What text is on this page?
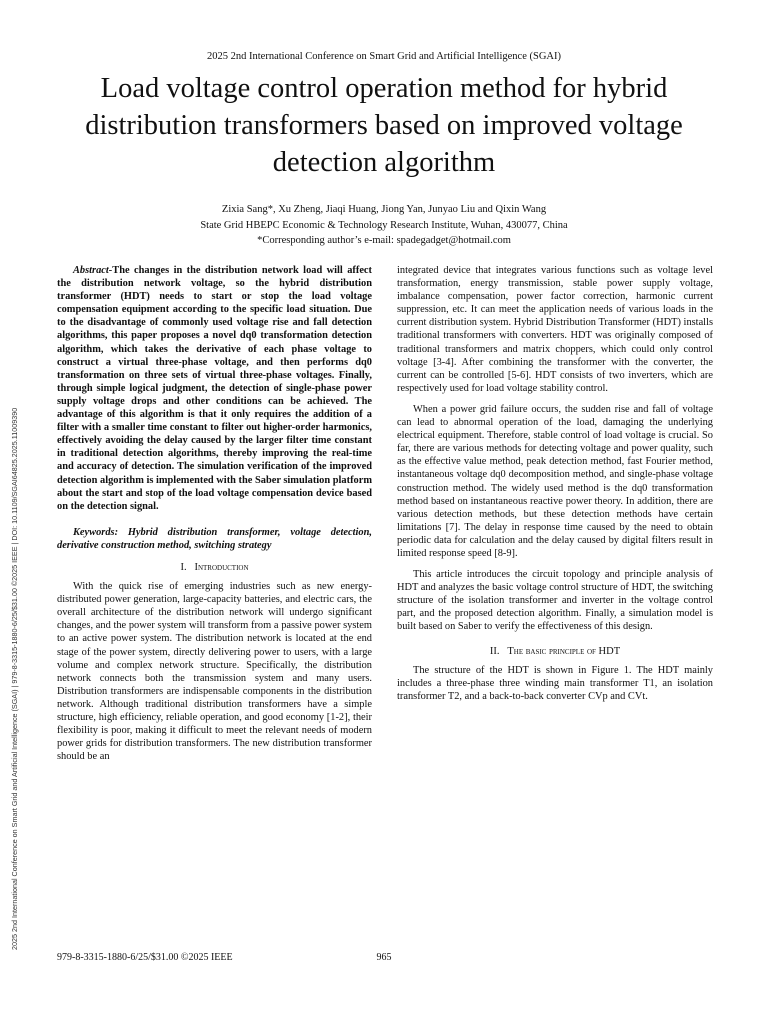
2025 2nd International Conference on Smart Grid and Artificial Intelligence (SGAI)
Load voltage control operation method for hybrid distribution transformers based on improved voltage detection algorithm
Zixia Sang*, Xu Zheng, Jiaqi Huang, Jiong Yan, Junyao Liu and Qixin Wang
State Grid HBEPC Economic & Technology Research Institute, Wuhan, 430077, China
*Corresponding author’s e-mail: spadegadget@hotmail.com
2025 2nd International Conference on Smart Grid and Artificial Intelligence (SGAI) | 979-8-3315-1880-6/25/$31.00 ©2025 IEEE | DOI: 10.1109/SGAI64825.2025.11009390

Abstract-The changes in the distribution network load will affect the distribution network voltage, so the hybrid distribution transformer (HDT) needs to start or stop the load voltage compensation equipment according to the specific load situation. Due to the disadvantage of commonly used voltage rise and fall detection algorithms, this paper proposes a novel dq0 transformation detection algorithm, which takes the derivative of each phase voltage to construct a virtual three-phase voltage, and then performs dq0 transformation on three sets of virtual three-phase voltages. Finally, through simple logical judgment, the detection of single-phase power supply voltage drops and other conditions can be achieved. The advantage of this algorithm is that it only requires the addition of a filter with a smaller time constant to filter out higher-order harmonics, effectively avoiding the delay caused by the larger filter time constant in traditional detection algorithms, thereby improving the real-time and accuracy of detection. The simulation verification of the improved detection algorithm is implemented with the Saber simulation platform about the start and stop of the load voltage compensation device based on the detection signal.

Keywords: Hybrid distribution transformer, voltage detection, derivative construction method, switching strategy

I. Introduction

With the quick rise of emerging industries such as new energy-distributed power generation, large-capacity batteries, and electric cars, the overall architecture of the distribution network will undergo significant changes, and the power system will transform from a passive power system to an active power system. The distribution network is located at the end stage of the power system, directly delivering power to users, with a large volume and complex network structure. Specifically, the distribution network connects both the transmission system and many users. Distribution transformers are indispensable components in the distribution network. Although traditional distribution transformers have a simple structure, high efficiency, reliable operation, and good economy [1-2], their flexibility is poor, making it difficult to meet the relevant needs of modern power grids for distribution transformers. The new distribution transformer should be an

integrated device that integrates various functions such as voltage level transformation, energy transmission, stable power supply voltage, imbalance compensation, power factor correction, harmonic current suppression, etc. It can meet the application needs of various loads in the current distribution system. Hybrid Distribution Transformer (HDT) installs traditional transformers with converters. HDT was originally composed of traditional transformers and matrix choppers, which could only control voltage [3-4]. After combining the transformer with the converter, the current can be controlled [5-6]. HDT consists of two inverters, which are respectively used for load voltage stability control.

When a power grid failure occurs, the sudden rise and fall of voltage can lead to abnormal operation of the load, damaging the underlying electrical equipment. Therefore, stable control of load voltage is crucial. So far, there are various methods for detecting voltage and power quality, such as the effective value method, peak detection method, fast Fourier method, instantaneous voltage dq0 decomposition method, and single-phase voltage construction method. The widely used method is the dq0 transformation method based on instantaneous reactive power theory. In addition, there are various detection methods, but these detection methods have certain limitations [7]. The delay in response time caused by the need to obtain periodic data for calculation and the delay caused by digital filters result in limited response speed [8-9].

This article introduces the circuit topology and principle analysis of HDT and analyzes the basic voltage control structure of HDT, the switching structure of the isolation transformer and inverter in the voltage control part, and the proposed detection algorithm. Finally, a simulation model is built based on Saber to verify the effectiveness of this design.

II. The basic principle of HDT

The structure of the HDT is shown in Figure 1. The HDT mainly includes a three-phase three winding main transformer T1, an isolation transformer T2, and a back-to-back converter CVp and CVt.

979-8-3315-1880-6/25/$31.00 ©2025 IEEE	965
